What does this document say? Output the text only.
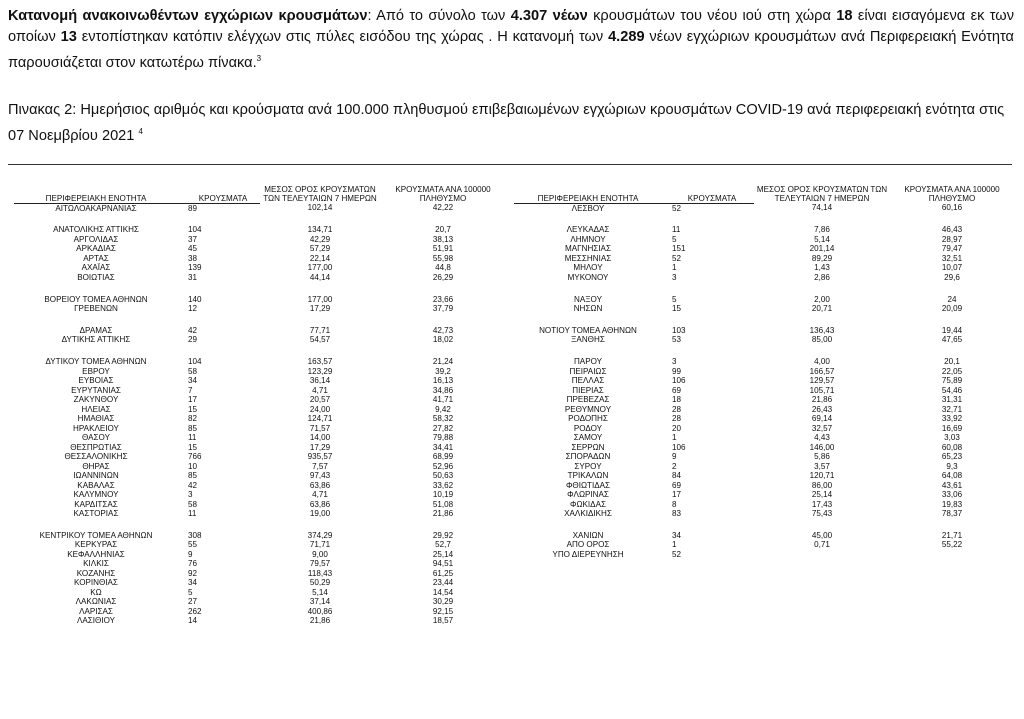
Κατανομή ανακοινωθέντων εγχώριων κρουσμάτων: Από το σύνολο των 4.307 νέων κρουσμάτων του νέου ιού στη χώρα 18 είναι εισαγόμενα εκ των οποίων 13 εντοπίστηκαν κατόπιν ελέγχων στις πύλες εισόδου της χώρας . Η κατανομή των 4.289 νέων εγχώριων κρουσμάτων ανά Περιφερειακή Ενότητα παρουσιάζεται στον κατωτέρω πίνακα.$^3$

Πινακας 2: Ημερήσιος αριθμός και κρούσματα ανά 100.000 πληθυσμού επιβεβαιωμένων εγχώριων κρουσμάτων COVID-19 ανά περιφερειακή ενότητα στις 07 Νοεμβρίου 2021 $^4$

ΠΕΡΙΦΕΡΕΙΑΚΗ ΕΝΟΤΗΤΑ	ΚΡΟΥΣΜΑΤΑ	ΜΕΣΟΣ ΟΡΟΣ ΚΡΟΥΣΜΑΤΩΝ ΤΩΝ ΤΕΛΕΥΤΑΙΩΝ 7 ΗΜΕΡΩΝ	ΚΡΟΥΣΜΑΤΑ ΑΝΑ 100000 ΠΛΗΘΥΣΜΟ
ΑΙΤΩΛΟΑΚΑΡΝΑΝΙΑΣ	89	102,14	42,22

ΑΝΑΤΟΛΙΚΗΣ ΑΤΤΙΚΗΣ	104	134,71	20,7
ΑΡΓΟΛΙΔΑΣ	37	42,29	38,13
ΑΡΚΑΔΙΑΣ	45	57,29	51,91
ΑΡΤΑΣ	38	22,14	55,98
ΑΧΑΪΑΣ	139	177,00	44,8
ΒΟΙΩΤΙΑΣ	31	44,14	26,29

ΒΟΡΕΙΟΥ ΤΟΜΕΑ ΑΘΗΝΩΝ	140	177,00	23,66
ΓΡΕΒΕΝΩΝ	12	17,29	37,79

ΔΡΑΜΑΣ	42	77,71	42,73
ΔΥΤΙΚΗΣ ΑΤΤΙΚΗΣ	29	54,57	18,02

ΔΥΤΙΚΟΥ ΤΟΜΕΑ ΑΘΗΝΩΝ	104	163,57	21,24
ΕΒΡΟΥ	58	123,29	39,2
ΕΥΒΟΙΑΣ	34	36,14	16,13
ΕΥΡΥΤΑΝΙΑΣ	7	4,71	34,86
ΖΑΚΥΝΘΟΥ	17	20,57	41,71
ΗΛΕΙΑΣ	15	24,00	9,42
ΗΜΑΘΙΑΣ	82	124,71	58,32
ΗΡΑΚΛΕΙΟΥ	85	71,57	27,82
ΘΑΣΟΥ	11	14,00	79,88
ΘΕΣΠΡΩΤΙΑΣ	15	17,29	34,41
ΘΕΣΣΑΛΟΝΙΚΗΣ	766	935,57	68,99
ΘΗΡΑΣ	10	7,57	52,96
ΙΩΑΝΝΙΝΩΝ	85	97,43	50,63
ΚΑΒΑΛΑΣ	42	63,86	33,62
ΚΑΛΥΜΝΟΥ	3	4,71	10,19
ΚΑΡΔΙΤΣΑΣ	58	63,86	51,08
ΚΑΣΤΟΡΙΑΣ	11	19,00	21,86

ΚΕΝΤΡΙΚΟΥ ΤΟΜΕΑ ΑΘΗΝΩΝ	308	374,29	29,92
ΚΕΡΚΥΡΑΣ	55	71,71	52,7
ΚΕΦΑΛΛΗΝΙΑΣ	9	9,00	25,14
ΚΙΛΚΙΣ	76	79,57	94,51
ΚΟΖΑΝΗΣ	92	118,43	61,25
ΚΟΡΙΝΘΙΑΣ	34	50,29	23,44
ΚΩ	5	5,14	14,54
ΛΑΚΩΝΙΑΣ	27	37,14	30,29
ΛΑΡΙΣΑΣ	262	400,86	92,15
ΛΑΣΙΘΙΟΥ	14	21,86	18,57
ΠΕΡΙΦΕΡΕΙΑΚΗ ΕΝΟΤΗΤΑ	ΚΡΟΥΣΜΑΤΑ	ΜΕΣΟΣ ΟΡΟΣ ΚΡΟΥΣΜΑΤΩΝ ΤΩΝ ΤΕΛΕΥΤΑΙΩΝ 7 ΗΜΕΡΩΝ	ΚΡΟΥΣΜΑΤΑ ΑΝΑ 100000 ΠΛΗΘΥΣΜΟ
ΛΕΣΒΟΥ	52	74,14	60,16

ΛΕΥΚΑΔΑΣ	11	7,86	46,43
ΛΗΜΝΟΥ	5	5,14	28,97
ΜΑΓΝΗΣΙΑΣ	151	201,14	79,47
ΜΕΣΣΗΝΙΑΣ	52	89,29	32,51
ΜΗΛΟΥ	1	1,43	10,07
ΜΥΚΟΝΟΥ	3	2,86	29,6

ΝΑΞΟΥ	5	2,00	24
ΝΗΣΩΝ	15	20,71	20,09

ΝΟΤΙΟΥ ΤΟΜΕΑ ΑΘΗΝΩΝ	103	136,43	19,44
ΞΑΝΘΗΣ	53	85,00	47,65

ΠΑΡΟΥ	3	4,00	20,1
ΠΕΙΡΑΙΩΣ	99	166,57	22,05
ΠΕΛΛΑΣ	106	129,57	75,89
ΠΙΕΡΙΑΣ	69	105,71	54,46
ΠΡΕΒΕΖΑΣ	18	21,86	31,31
ΡΕΘΥΜΝΟΥ	28	26,43	32,71
ΡΟΔΟΠΗΣ	28	69,14	33,92
ΡΟΔΟΥ	20	32,57	16,69
ΣΑΜΟΥ	1	4,43	3,03
ΣΕΡΡΩΝ	106	146,00	60,08
ΣΠΟΡΑΔΩΝ	9	5,86	65,23
ΣΥΡΟΥ	2	3,57	9,3
ΤΡΙΚΑΛΩΝ	84	120,71	64,08
ΦΘΙΩΤΙΔΑΣ	69	86,00	43,61
ΦΛΩΡΙΝΑΣ	17	25,14	33,06
ΦΩΚΙΔΑΣ	8	17,43	19,83
ΧΑΛΚΙΔΙΚΗΣ	83	75,43	78,37

ΧΑΝΙΩΝ	34	45,00	21,71
ΑΠΟ ΟΡΟΣ	1	0,71	55,22
ΥΠΟ ΔΙΕΡΕΥΝΗΣΗ	52		
